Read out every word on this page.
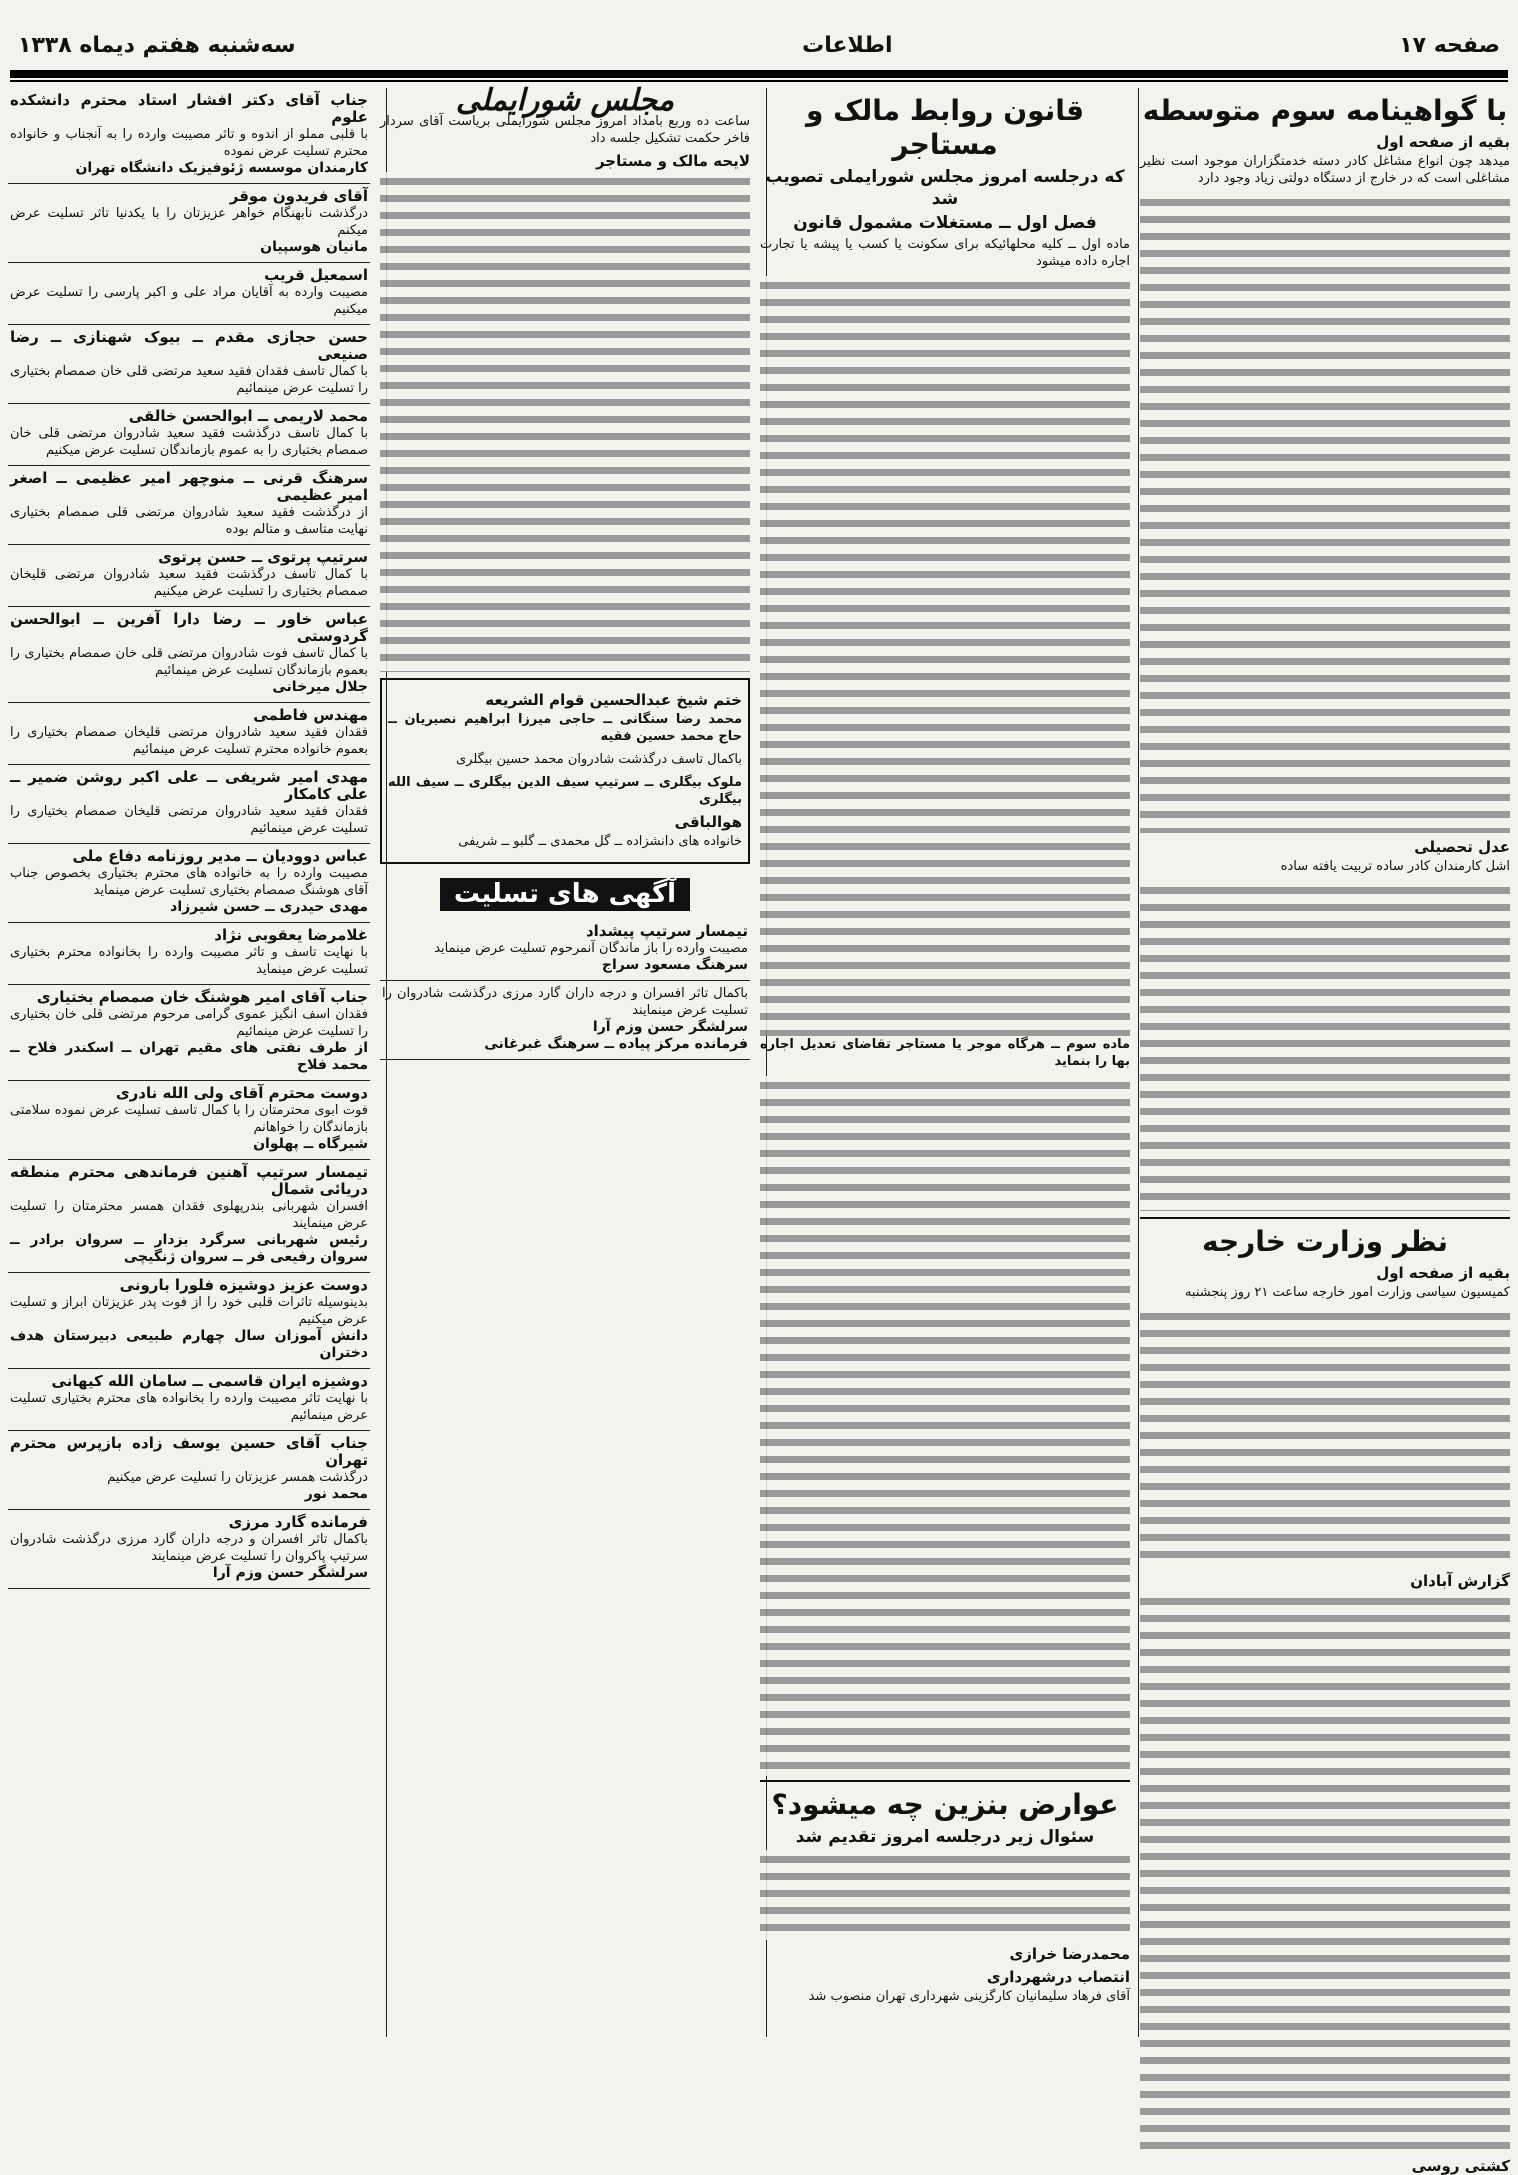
صفحه ۱۷
اطلاعات
سه‌شنبه هفتم دیماه ۱۳۳۸
با گواهینامه سوم متوسطه
بقیه از صفحه اول

میدهد چون انواع مشاغل کادر دسته خدمتگزاران موجود است نظیر مشاغلی است که در خارج از دستگاه دولتی زیاد وجود دارد

عدل تحصیلی

اشل کارمندان کادر ساده تربیت یافته ساده

نظر وزارت خارجه
بقیه از صفحه اول

کمیسیون سیاسی وزارت امور خارجه ساعت ۲۱ روز پنجشنبه

گزارش آبادان
کشتی روسی
قانون روابط مالک و مستاجر
که درجلسه امروز مجلس شورایملی تصویب شد
فصل اول ــ مستغلات مشمول قانون

ماده اول ــ کلیه محلهائیکه برای سکونت یا کسب یا پیشه یا تجارت اجاره داده میشود

ماده سوم ــ هرگاه موجر یا مستاجر تقاضای تعدیل اجاره بها را بنماید

عوارض بنزین چه میشود؟
سئوال زیر درجلسه امروز تقدیم شد
محمدرضا خرازی
انتصاب درشهرداری

آقای فرهاد سلیمانیان کارگزینی شهرداری تهران منصوب شد

مجلس شورایملی

ساعت ده وربع بامداد امروز مجلس شورایملی بریاست آقای سردار فاخر حکمت تشکیل جلسه داد

لایحه مالک و مستاجر
ختم شیخ عبدالحسین قوام الشریعه

محمد رضا سنگانی ــ حاجی میرزا ابراهیم نصیریان ــ حاج محمد حسین فقیه

باکمال تاسف درگذشت شادروان محمد حسین بیگلری

ملوک بیگلری ــ سرتیپ سیف الدین بیگلری ــ سیف الله بیگلری

هوالباقی

خانواده های دانشزاده ــ گل محمدی ــ گلبو ــ شریفی

آگهی های تسلیت
تیمسار سرتیپ پیشداد
مصیبت وارده را باز ماندگان آنمرحوم تسلیت عرض مینماید
سرهنگ مسعود سراج
باکمال تاثر افسران و درجه داران گارد مرزی درگذشت شادروان را تسلیت عرض مینمایند
سرلشگر حسن وزم آرا
فرمانده مرکز پیاده ــ سرهنگ غبرغانی
جناب آقای دکتر افشار استاد محترم دانشکده علوم
با قلبی مملو از اندوه و تاثر مصیبت وارده را به آنجناب و خانواده محترم تسلیت عرض نموده
کارمندان موسسه ژئوفیزیک دانشگاه تهران
آقای فریدون موقر
درگذشت نابهنگام خواهر عزیزتان را با یکدنیا تاثر تسلیت عرض میکنم
مانیان هوسپیان
اسمعیل قریب
مصیبت وارده به آقایان مراد علی و اکبر پارسی را تسلیت عرض میکنیم
حسن حجازی مقدم ــ بیوک شهنازی ــ رضا صنیعی
با کمال تاسف فقدان فقید سعید مرتضی قلی خان صمصام بختیاری را تسلیت عرض مینمائیم
محمد لاریمی ــ ابوالحسن خالقی
با کمال تاسف درگذشت فقید سعید شادروان مرتضی قلی خان صمصام بختیاری را به عموم بازماندگان تسلیت عرض میکنیم
سرهنگ قرنی ــ منوچهر امیر عظیمی ــ اصغر امیر عظیمی
از درگذشت فقید سعید شادروان مرتضی قلی صمصام بختیاری نهایت متاسف و متالم بوده
سرتیپ پرتوی ــ حسن پرتوی
با کمال تاسف درگذشت فقید سعید شادروان مرتضی قلیخان صمصام بختیاری را تسلیت عرض میکنیم
عباس خاور ــ رضا دارا آفرین ــ ابوالحسن گردوستی
با کمال تاسف فوت شادروان مرتضی قلی خان صمصام بختیاری را بعموم بازماندگان تسلیت عرض مینمائیم
جلال میرخانی
مهندس فاطمی
فقدان فقید سعید شادروان مرتضی قلیخان صمصام بختیاری را بعموم خانواده محترم تسلیت عرض مینمائیم
مهدی امیر شریفی ــ علی اکبر روشن ضمیر ــ علی کامکار
فقدان فقید سعید شادروان مرتضی قلیخان صمصام بختیاری را تسلیت عرض مینمائیم
عباس دوودیان ــ مدیر روزنامه دفاع ملی
مصیبت وارده را به خانواده های محترم بختیاری بخصوص جناب آقای هوشنگ صمصام بختیاری تسلیت عرض مینماید
مهدی حیدری ــ حسن شیرزاد
غلامرضا یعقوبی نژاد
با نهایت تاسف و تاثر مصیبت وارده را بخانواده محترم بختیاری تسلیت عرض مینماید
جناب آقای امیر هوشنگ خان صمصام بختیاری
فقدان اسف انگیز عموی گرامی مرحوم مرتضی قلی خان بختیاری را تسلیت عرض مینمائیم
از طرف نفتی های مقیم تهران ــ اسکندر فلاح ــ محمد فلاح
دوست محترم آقای ولی الله نادری
فوت ابوی محترمتان را با کمال تاسف تسلیت عرض نموده سلامتی بازماندگان را خواهانم
شیرگاه ــ پهلوان
تیمسار سرتیپ آهنین فرماندهی محترم منطقه دریائی شمال
افسران شهربانی بندرپهلوی فقدان همسر محترمتان را تسلیت عرض مینمایند
رئیس شهربانی سرگرد بزدار ــ سروان برادر ــ سروان رفیعی فر ــ سروان ژنگیچی
دوست عزیز دوشیزه فلورا بارونی
بدینوسیله تاثرات قلبی خود را از فوت پدر عزیزتان ابراز و تسلیت عرض میکنیم
دانش آموزان سال چهارم طبیعی دبیرستان هدف دختران
دوشیزه ایران قاسمی ــ سامان الله کیهانی
با نهایت تاثر مصیبت وارده را بخانواده های محترم بختیاری تسلیت عرض مینمائیم
جناب آقای حسین یوسف زاده بازپرس محترم تهران
درگذشت همسر عزیزتان را تسلیت عرض میکنیم
محمد نور
فرمانده گارد مرزی
باکمال تاثر افسران و درجه داران گارد مرزی درگذشت شادروان سرتیپ پاکروان را تسلیت عرض مینمایند
سرلشگر حسن وزم آرا
